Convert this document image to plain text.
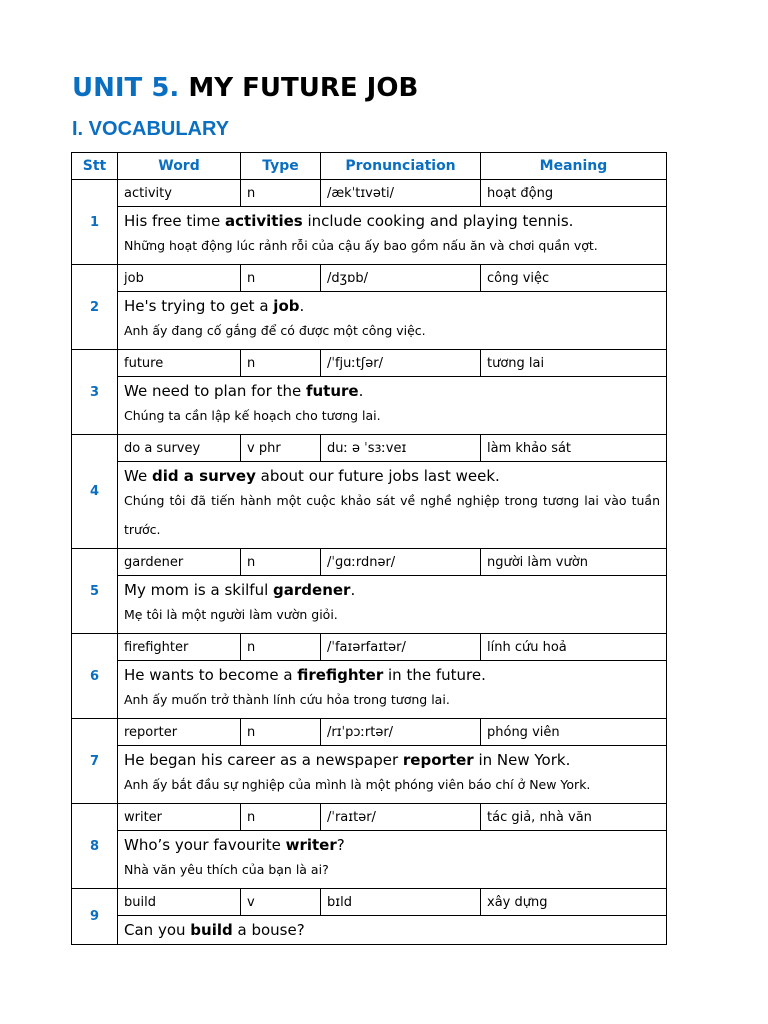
UNIT 5. MY FUTURE JOB
I. VOCABULARY
Stt	Word	Type	Pronunciation	Meaning
1	activity	n	/ækˈtɪvəti/	hoạt động

	His free time activities include cooking and playing tennis.

Những hoạt động lúc rảnh rỗi của cậu ấy bao gồm nấu ăn và chơi quần vợt.			

2	job	n	/dʒɒb/	công việc

	He's trying to get a job.

Anh ấy đang cố gắng để có được một công việc.			

3	future	n	/ˈfjuːtʃər/	tương lai

	We need to plan for the future.

Chúng ta cần lập kế hoạch cho tương lai.			

4	do a survey	v phr	duː ə ˈsɜːveɪ	làm khảo sát

	We did a survey about our future jobs last week.

Chúng tôi đã tiến hành một cuộc khảo sát về nghề nghiệp trong tương lai vào tuần trước.			

5	gardener	n	/ˈɡɑːrdnər/	người làm vườn

	My mom is a skilful gardener.

Mẹ tôi là một người làm vườn giỏi.			

6	firefighter	n	/ˈfaɪərfaɪtər/	lính cứu hoả

	He wants to become a firefighter in the future.

Anh ấy muốn trở thành lính cứu hỏa trong tương lai.			

7	reporter	n	/rɪˈpɔːrtər/	phóng viên

	He began his career as a newspaper reporter in New York.

Anh ấy bắt đầu sự nghiệp của mình là một phóng viên báo chí ở New York.			

8	writer	n	/ˈraɪtər/	tác giả, nhà văn

	Who’s your favourite writer?

Nhà văn yêu thích của bạn là ai?			

9	build	v	bɪld	xây dựng

	Can you build a bouse?			
